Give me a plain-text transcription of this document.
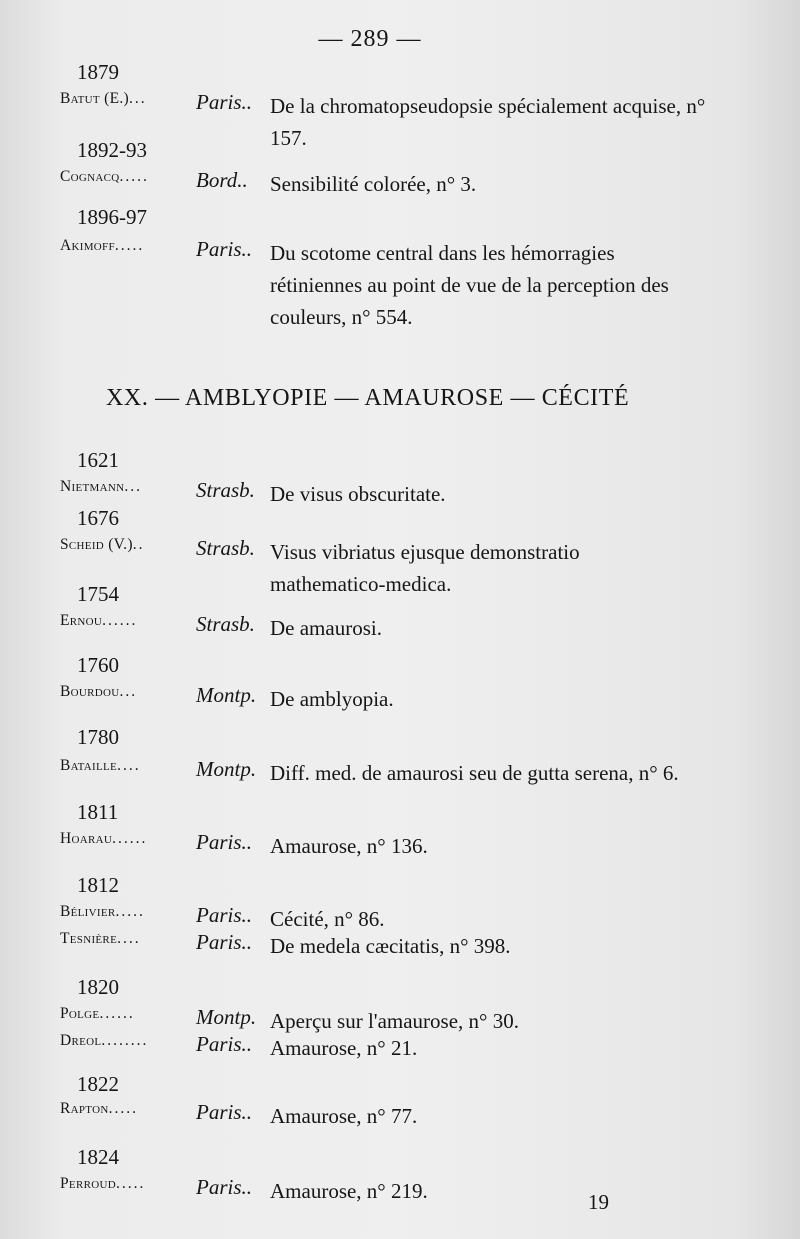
— 289 —
1879
Batut (E.)... Paris.. De la chromatopseudopsie spécialement acquise, n° 157.
1892-93
Cognacq..... Bord.. Sensibilité colorée, n° 3.
1896-97
Akimoff..... Paris.. Du scotome central dans les hémorragies rétiniennes au point de vue de la perception des couleurs, n° 554.
XX. — AMBLYOPIE — AMAUROSE — CÉCITÉ
1621
Nietmann...	Strasb. De visus obscuritate.
1676
Scheid (V.).. Strasb. Visus vibriatus ejusque demonstratio mathematico-medica.
1754
Ernou......	Strasb. De amaurosi.
1760
Bourdou...	Montp. De amblyopia.
1780
Bataille....	Montp. Diff. med. de amaurosi seu de gutta serena, n° 6.
1811
Hoarau...... Paris.. Amaurose, n° 136.
1812
Bélivier..... Paris.. Cécité, n° 86.
Tesnière....	Paris.. De medela cæcitatis, n° 398.
1820
Polge......	Montp. Aperçu sur l'amaurose, n° 30.
Dreol........ Paris.. Amaurose, n° 21.
1822
Rapton.....	Paris.. Amaurose, n° 77.
1824
Perroud..... Paris.. Amaurose, n° 219.	19
